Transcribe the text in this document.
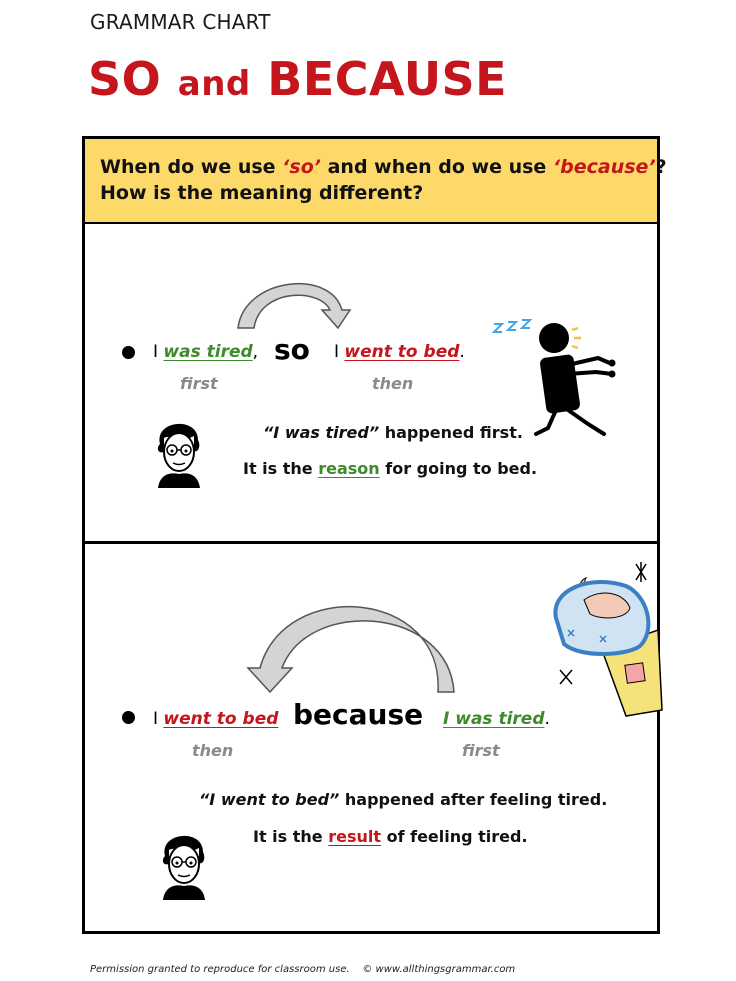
GRAMMAR CHART
SO and BECAUSE
When do we use ‘so’ and when do we use ‘because’?
How is the meaning different?
I was tired, so I went to bed.
first	then
“I was tired” happened first.
It is the reason for going to bed.
I went to bed because I was tired.
then	first
“I went to bed” happened after feeling tired.
It is the result of feeling tired.
Permission granted to reproduce for classroom use. © www.allthingsgrammar.com
